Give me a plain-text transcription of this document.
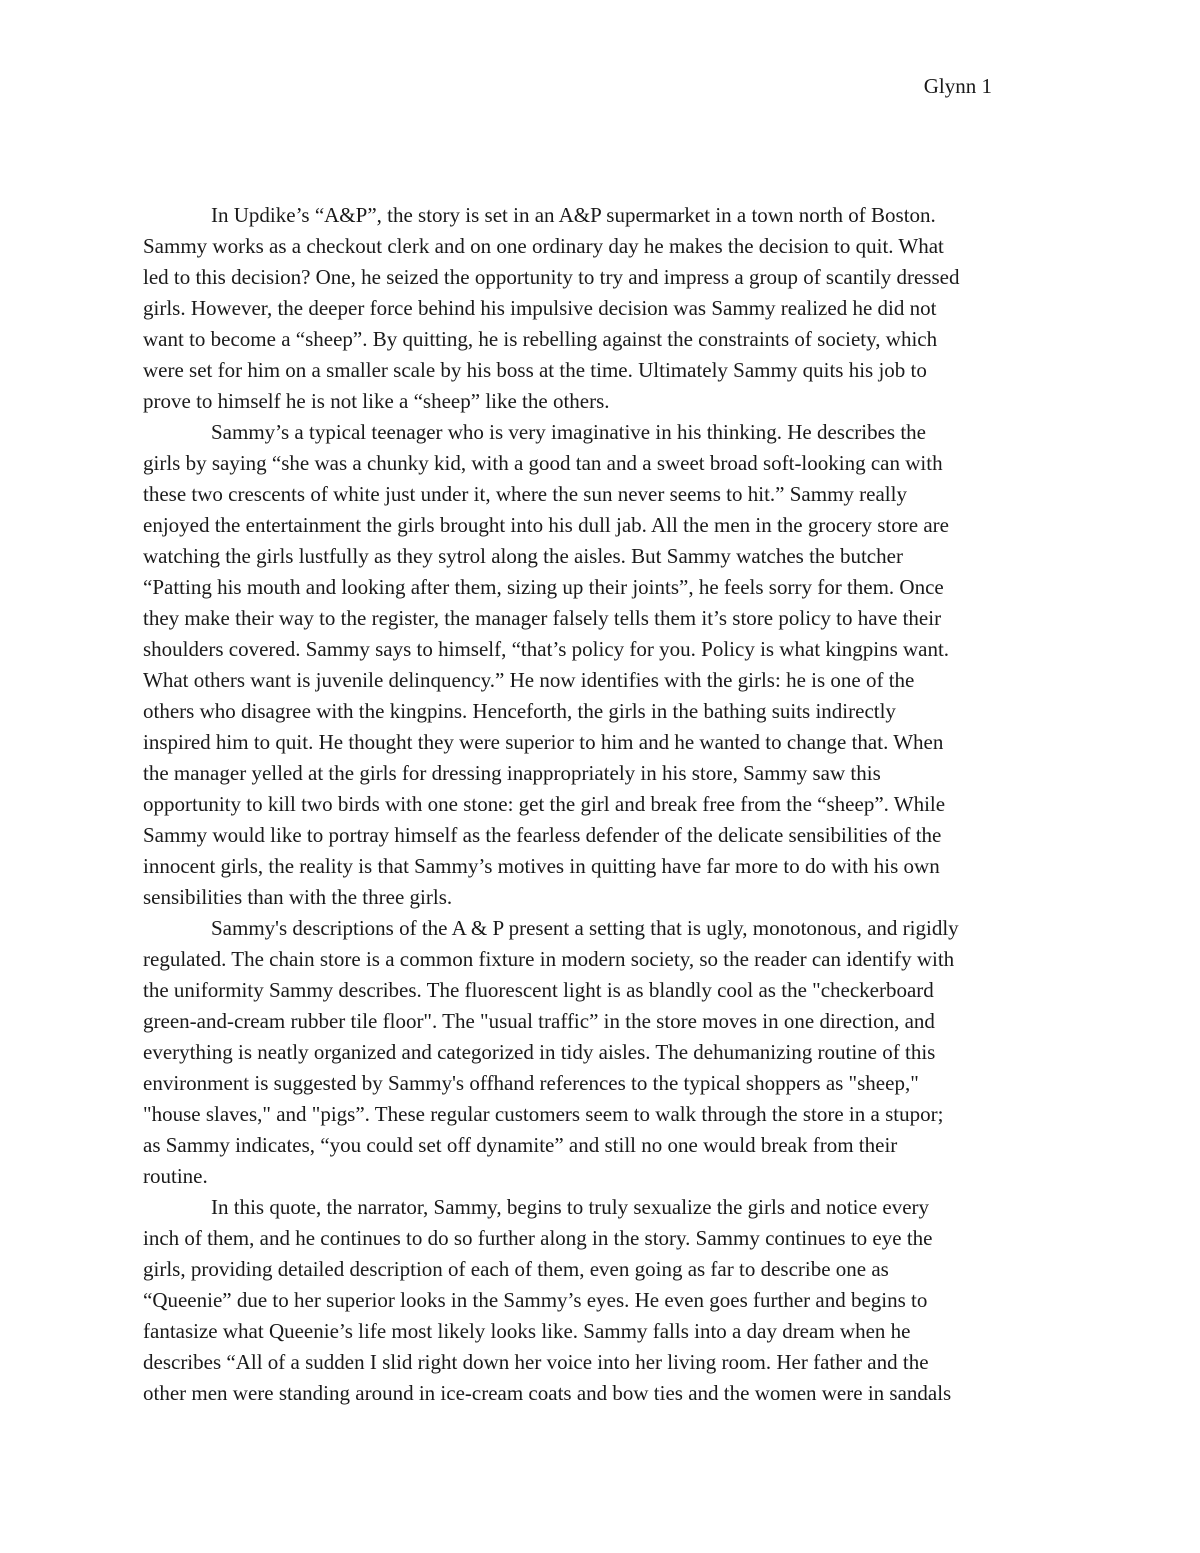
Glynn 1
In Updike’s “A&P”, the story is set in an A&P supermarket in a town north of Boston.
Sammy works as a checkout clerk and on one ordinary day he makes the decision to quit. What
led to this decision? One, he seized the opportunity to try and impress a group of scantily dressed
girls. However, the deeper force behind his impulsive decision was Sammy realized he did not
want to become a “sheep”. By quitting, he is rebelling against the constraints of society, which
were set for him on a smaller scale by his boss at the time. Ultimately Sammy quits his job to
prove to himself he is not like a “sheep” like the others.
Sammy’s a typical teenager who is very imaginative in his thinking. He describes the
girls by saying “she was a chunky kid, with a good tan and a sweet broad soft-looking can with
these two crescents of white just under it, where the sun never seems to hit.” Sammy really
enjoyed the entertainment the girls brought into his dull jab. All the men in the grocery store are
watching the girls lustfully as they sytrol along the aisles. But Sammy watches the butcher
“Patting his mouth and looking after them, sizing up their joints”, he feels sorry for them. Once
they make their way to the register, the manager falsely tells them it’s store policy to have their
shoulders covered. Sammy says to himself, “that’s policy for you. Policy is what kingpins want.
What others want is juvenile delinquency.” He now identifies with the girls: he is one of the
others who disagree with the kingpins. Henceforth, the girls in the bathing suits indirectly
inspired him to quit. He thought they were superior to him and he wanted to change that. When
the manager yelled at the girls for dressing inappropriately in his store, Sammy saw this
opportunity to kill two birds with one stone: get the girl and break free from the “sheep”. While
Sammy would like to portray himself as the fearless defender of the delicate sensibilities of the
innocent girls, the reality is that Sammy’s motives in quitting have far more to do with his own
sensibilities than with the three girls.
Sammy's descriptions of the A & P present a setting that is ugly, monotonous, and rigidly
regulated. The chain store is a common fixture in modern society, so the reader can identify with
the uniformity Sammy describes. The fluorescent light is as blandly cool as the "checkerboard
green-and-cream rubber tile floor". The "usual traffic” in the store moves in one direction, and
everything is neatly organized and categorized in tidy aisles. The dehumanizing routine of this
environment is suggested by Sammy's offhand references to the typical shoppers as "sheep,"
"house slaves," and "pigs”. These regular customers seem to walk through the store in a stupor;
as Sammy indicates, “you could set off dynamite” and still no one would break from their
routine.
In this quote, the narrator, Sammy, begins to truly sexualize the girls and notice every
inch of them, and he continues to do so further along in the story. Sammy continues to eye the
girls, providing detailed description of each of them, even going as far to describe one as
“Queenie” due to her superior looks in the Sammy’s eyes. He even goes further and begins to
fantasize what Queenie’s life most likely looks like. Sammy falls into a day dream when he
describes “All of a sudden I slid right down her voice into her living room. Her father and the
other men were standing around in ice-cream coats and bow ties and the women were in sandals
